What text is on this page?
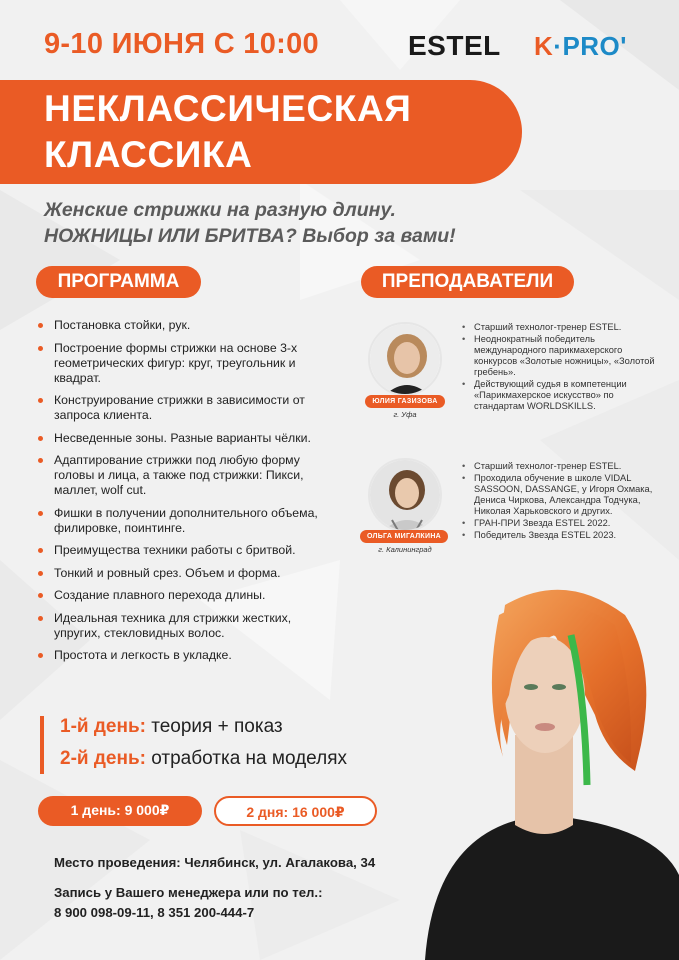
9-10 ИЮНЯ С 10:00	ESTEL K·PRO'
НЕКЛАССИЧЕСКАЯ
КЛАССИКА
Женские стрижки на разную длину.
НОЖНИЦЫ ИЛИ БРИТВА? Выбор за вами!
ПРОГРАММА	ПРЕПОДАВАТЕЛИ
Постановка стойки, рук.
Построение формы стрижки на основе 3-х геометрических фигур: круг, треугольник и квадрат.
Конструирование стрижки в зависимости от запроса клиента.
Несведенные зоны. Разные варианты чёлки.
Адаптирование стрижки под любую форму головы и лица, а также под стрижки: Пикси, маллет, wolf cut.
Фишки в получении дополнительного объема, филировке, поинтинге.
Преимущества техники работы с бритвой.
Тонкий и ровный срез. Объем и форма.
Создание плавного перехода длины.
Идеальная техника для стрижки жестких, упругих, стекловидных волос.
Простота и легкость в укладке.
ЮЛИЯ ГАЗИЗОВА
г. Уфа
• Старший технолог-тренер ESTEL.
• Неоднократный победитель международного парикмахерского конкурсов «Золотые ножницы», «Золотой гребень».
• Действующий судья в компетенции «Парикмахерское искусство» по стандартам WORLDSKILLS.
ОЛЬГА МИГАЛКИНА
г. Калининград
• Старший технолог-тренер ESTEL.
• Проходила обучение в школе VIDAL SASSOON, DASSANGE, у Игоря Охмака, Дениса Чиркова, Александра Тодчука, Николая Харьковского и других.
• ГРАН-ПРИ Звезда ESTEL 2022.
• Победитель Звезда ESTEL 2023.
1-й день: теория + показ
2-й день: отработка на моделях
1 день: 9 000₽	2 дня: 16 000₽
Место проведения: Челябинск, ул. Агалакова, 34
Запись у Вашего менеджера или по тел.:
8 900 098-09-11, 8 351 200-444-7
